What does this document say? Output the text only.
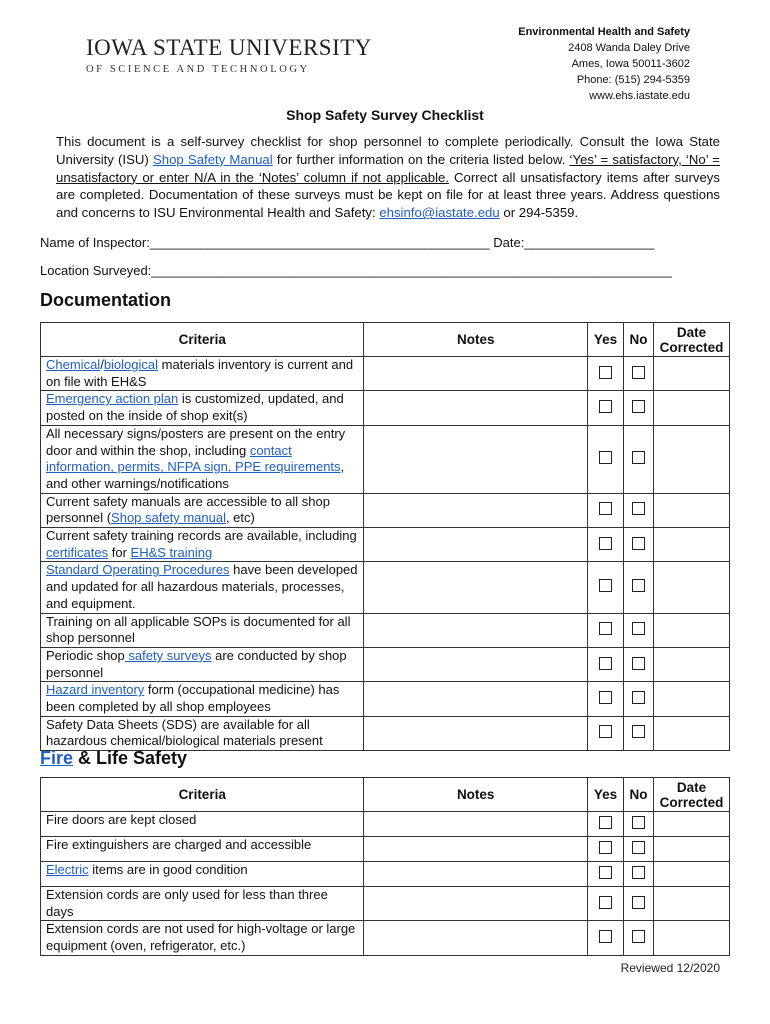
IOWA STATE UNIVERSITY
OF SCIENCE AND TECHNOLOGY
Environmental Health and Safety
2408 Wanda Daley Drive
Ames, Iowa 50011-3602
Phone: (515) 294-5359
www.ehs.iastate.edu
Shop Safety Survey Checklist
This document is a self-survey checklist for shop personnel to complete periodically. Consult the Iowa State University (ISU) Shop Safety Manual for further information on the criteria listed below. ‘Yes’ = satisfactory, ‘No’ = unsatisfactory or enter N/A in the ‘Notes’ column if not applicable. Correct all unsatisfactory items after surveys are completed. Documentation of these surveys must be kept on file for at least three years. Address questions and concerns to ISU Environmental Health and Safety: ehsinfo@iastate.edu or 294-5359.
Name of Inspector:_______________________________________________ Date:__________________
Location Surveyed:________________________________________________________________________
Documentation
Criteria	Notes	Yes	No	Date Corrected
Chemical/biological materials inventory is current and on file with EH&S				
Emergency action plan is customized, updated, and posted on the inside of shop exit(s)				
All necessary signs/posters are present on the entry door and within the shop, including contact information, permits, NFPA sign, PPE requirements, and other warnings/notifications				
Current safety manuals are accessible to all shop personnel (Shop safety manual, etc)				
Current safety training records are available, including certificates for EH&S training				
Standard Operating Procedures have been developed and updated for all hazardous materials, processes, and equipment.				
Training on all applicable SOPs is documented for all shop personnel				
Periodic shop safety surveys are conducted by shop personnel				
Hazard inventory form (occupational medicine) has been completed by all shop employees				
Safety Data Sheets (SDS) are available for all hazardous chemical/biological materials present				
Fire & Life Safety
Criteria	Notes	Yes	No	Date Corrected
Fire doors are kept closed				
Fire extinguishers are charged and accessible				
Electric items are in good condition				
Extension cords are only used for less than three days				
Extension cords are not used for high-voltage or large equipment (oven, refrigerator, etc.)				
Reviewed 12/2020
